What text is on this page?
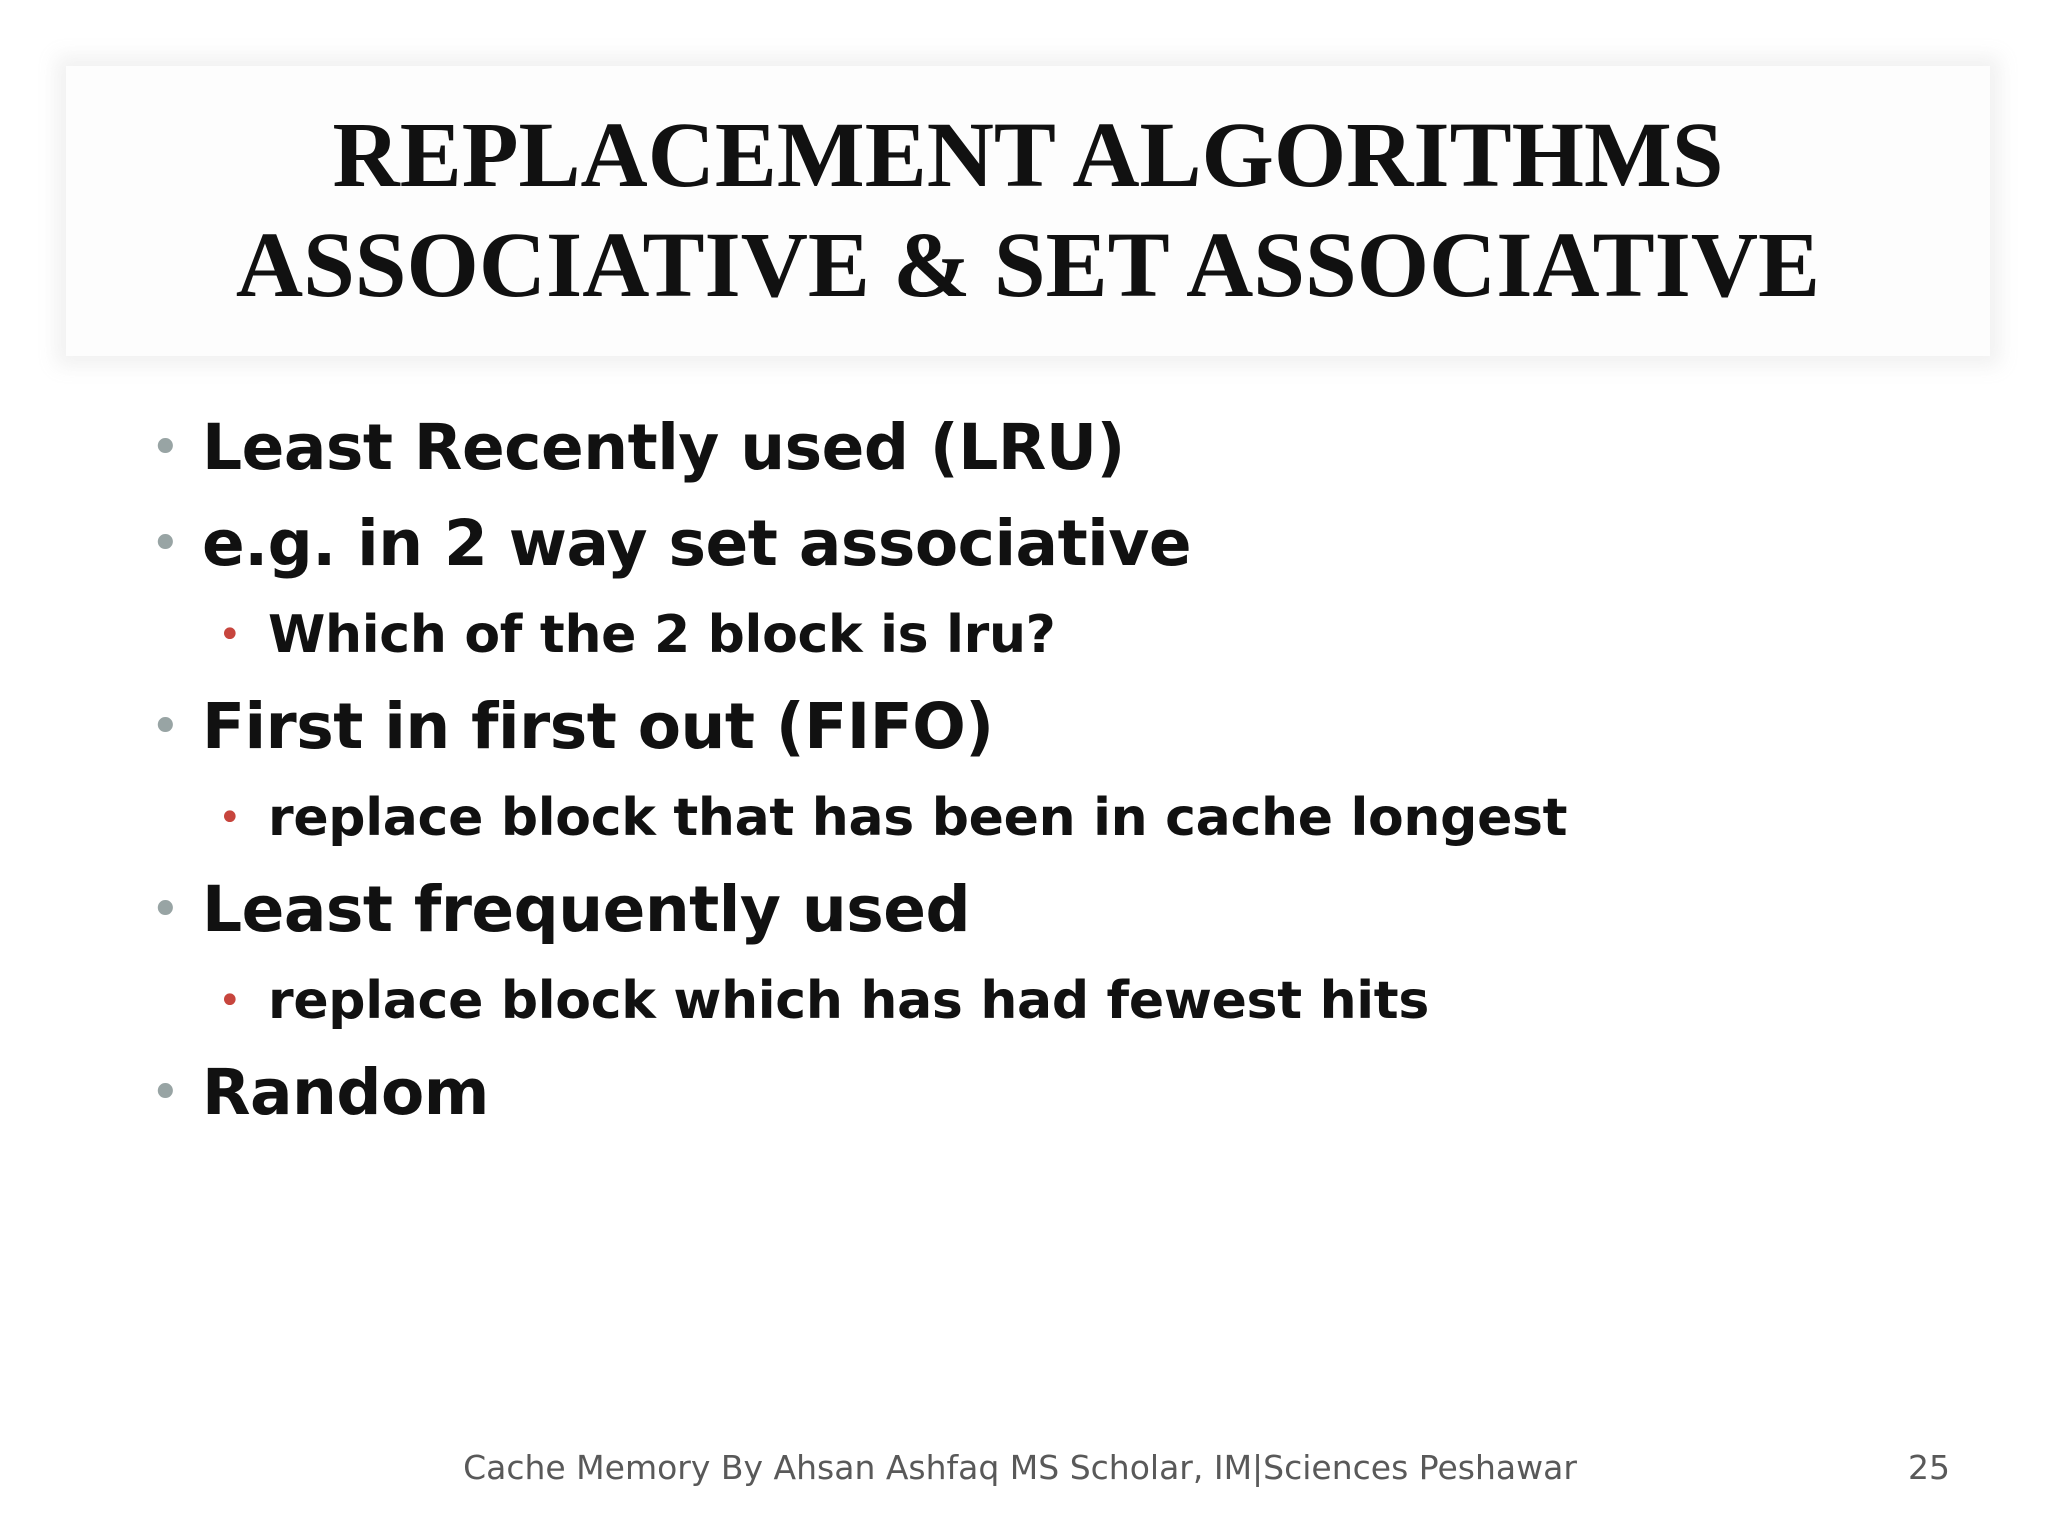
REPLACEMENT ALGORITHMS
ASSOCIATIVE & SET ASSOCIATIVE
• Least Recently used (LRU)
• e.g. in 2 way set associative
• Which of the 2 block is lru?
• First in first out (FIFO)
• replace block that has been in cache longest
• Least frequently used
• replace block which has had fewest hits
• Random
Cache Memory By Ahsan Ashfaq MS Scholar, IM|Sciences Peshawar	25
